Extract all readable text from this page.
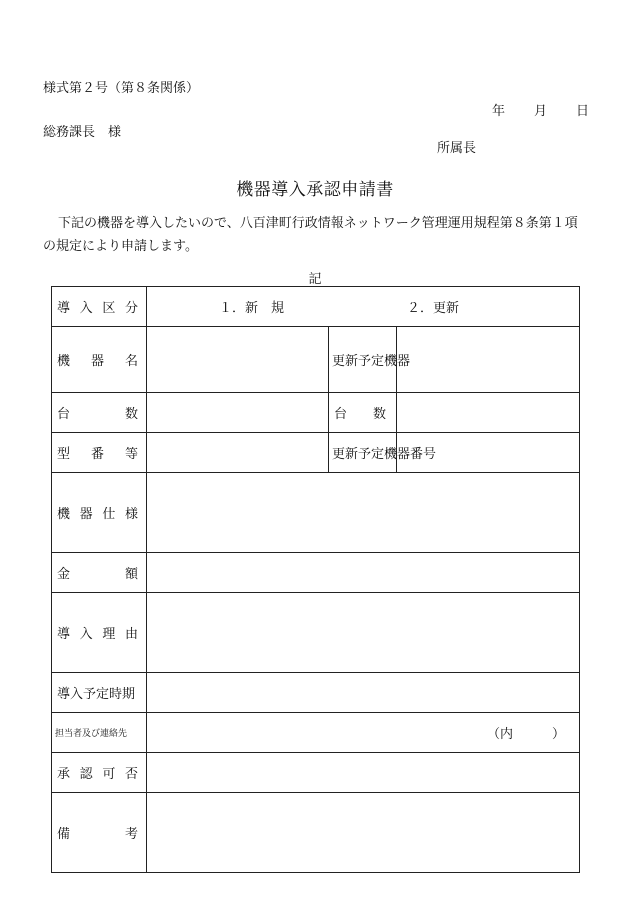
様式第２号（第８条関係）
年 月 日
総務課長　様
所属長
機器導入承認申請書
下記の機器を導入したいので、八百津町行政情報ネットワーク管理運用規程第８条第１項の規定により申請します。
記
導 入 区 分	１．新　規 ２．更新		

機 器 名		更新予定機器	

台 数		台 数	

型 番 等		更新予定機器番号	

機 器 仕 様			

金 額			

導 入 理 由			

導入予定時期			
担当者及び連絡先	（内　　　）		

承 認 可 否			

備 考			
